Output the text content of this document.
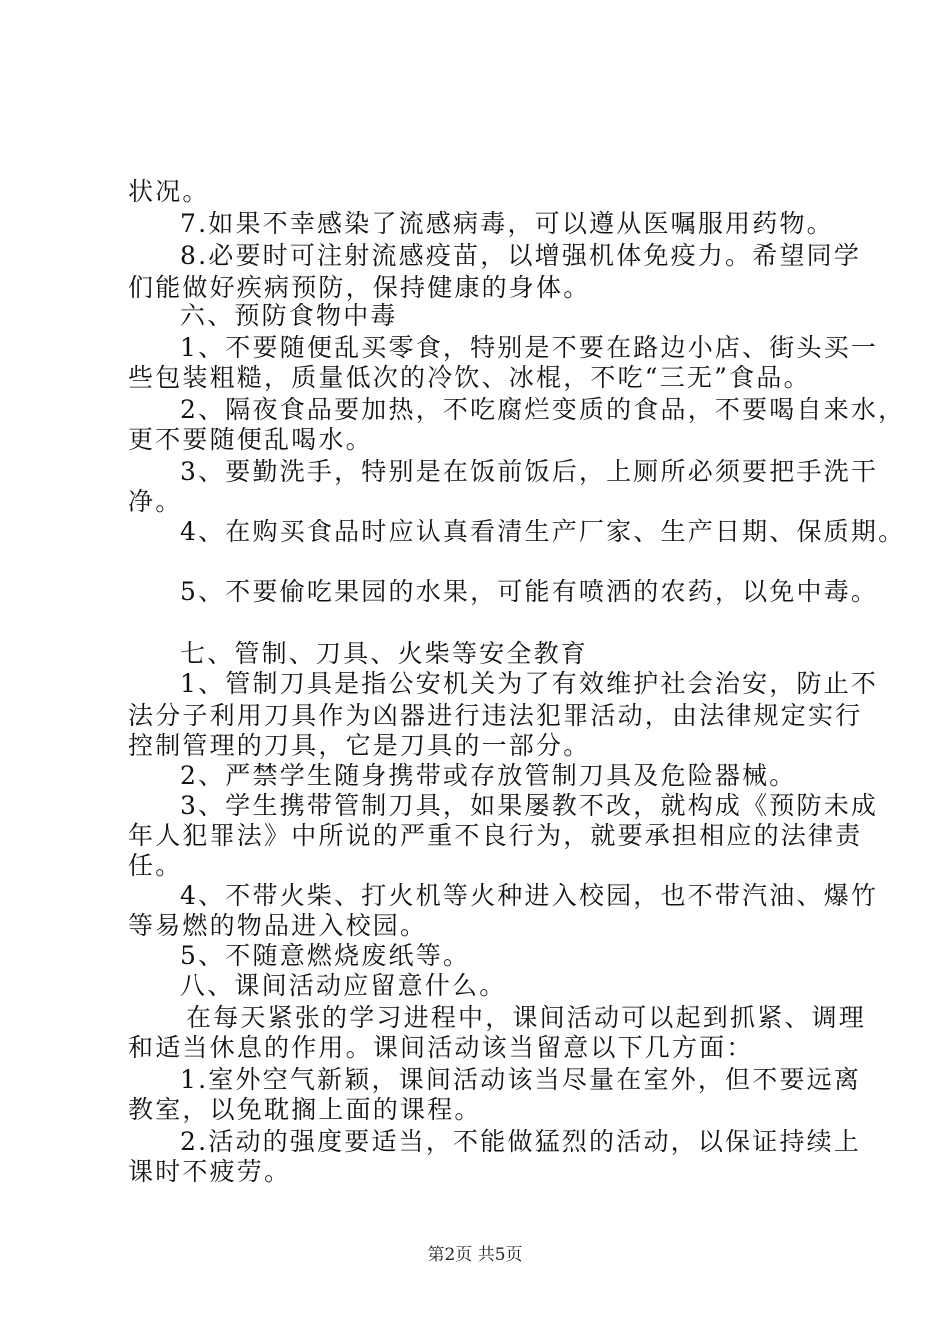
状况。
7.如果不幸感染了流感病毒，可以遵从医嘱服用药物。
8.必要时可注射流感疫苗，以增强机体免疫力。希望同学
们能做好疾病预防，保持健康的身体。
六、预防食物中毒
1、不要随便乱买零食，特别是不要在路边小店、街头买一
些包装粗糙，质量低次的冷饮、冰棍，不吃“三无”食品。
2、隔夜食品要加热，不吃腐烂变质的食品，不要喝自来水，
更不要随便乱喝水。
3、要勤洗手，特别是在饭前饭后，上厕所必须要把手洗干
净。
4、在购买食品时应认真看清生产厂家、生产日期、保质期。
5、不要偷吃果园的水果，可能有喷洒的农药，以免中毒。
七、管制、刀具、火柴等安全教育
1、管制刀具是指公安机关为了有效维护社会治安，防止不
法分子利用刀具作为凶器进行违法犯罪活动，由法律规定实行
控制管理的刀具，它是刀具的一部分。
2、严禁学生随身携带或存放管制刀具及危险器械。
3、学生携带管制刀具，如果屡教不改，就构成《预防未成
年人犯罪法》中所说的严重不良行为，就要承担相应的法律责
任。
4、不带火柴、打火机等火种进入校园，也不带汽油、爆竹
等易燃的物品进入校园。
5、不随意燃烧废纸等。
八、课间活动应留意什么。
在每天紧张的学习进程中，课间活动可以起到抓紧、调理
和适当休息的作用。课间活动该当留意以下几方面：
1.室外空气新颖，课间活动该当尽量在室外，但不要远离
教室，以免耽搁上面的课程。
2.活动的强度要适当，不能做猛烈的活动，以保证持续上
课时不疲劳。
第2页 共5页
